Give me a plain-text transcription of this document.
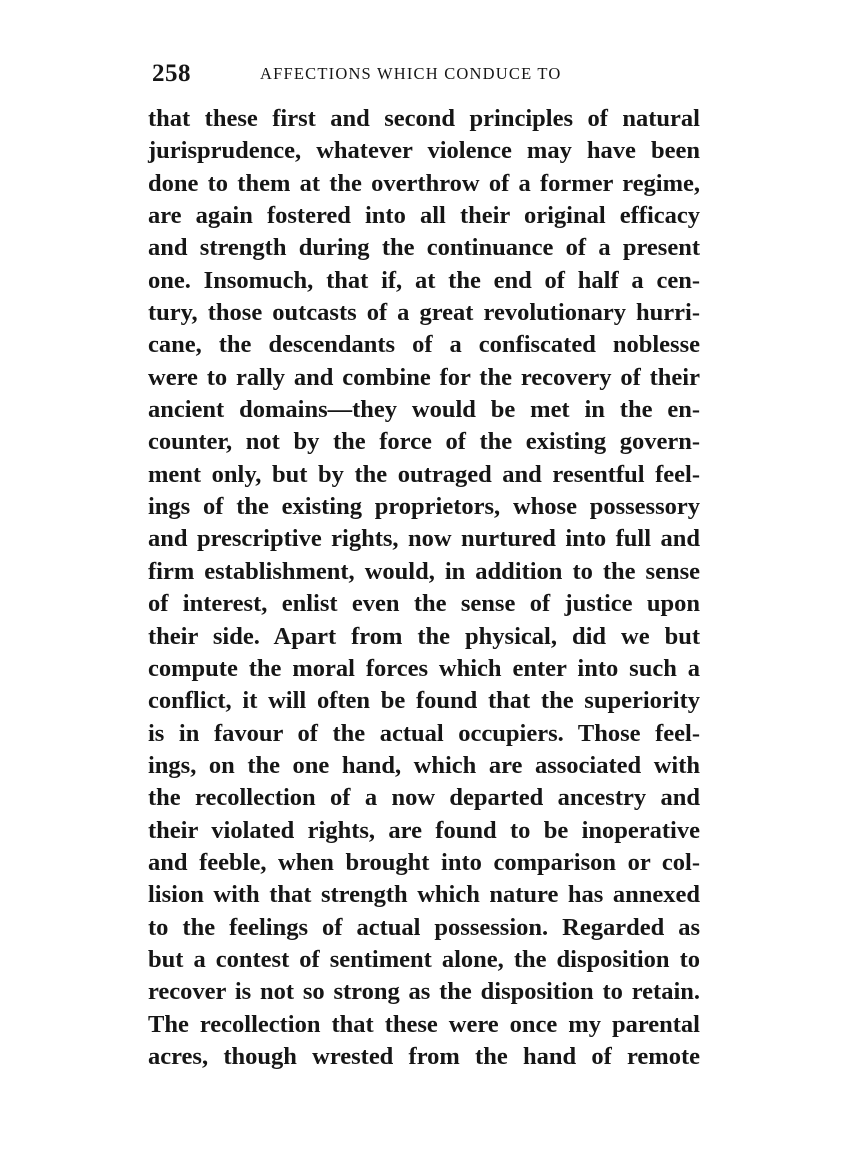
258	AFFECTIONS WHICH CONDUCE TO
that these first and second principles of natural
jurisprudence, whatever violence may have been
done to them at the overthrow of a former regime,
are again fostered into all their original efficacy
and strength during the continuance of a present
one. Insomuch, that if, at the end of half a cen-
tury, those outcasts of a great revolutionary hurri-
cane, the descendants of a confiscated noblesse
were to rally and combine for the recovery of their
ancient domains—they would be met in the en-
counter, not by the force of the existing govern-
ment only, but by the outraged and resentful feel-
ings of the existing proprietors, whose possessory
and prescriptive rights, now nurtured into full and
firm establishment, would, in addition to the sense
of interest, enlist even the sense of justice upon
their side. Apart from the physical, did we but
compute the moral forces which enter into such a
conflict, it will often be found that the superiority
is in favour of the actual occupiers. Those feel-
ings, on the one hand, which are associated with
the recollection of a now departed ancestry and
their violated rights, are found to be inoperative
and feeble, when brought into comparison or col-
lision with that strength which nature has annexed
to the feelings of actual possession. Regarded as
but a contest of sentiment alone, the disposition to
recover is not so strong as the disposition to retain.
The recollection that these were once my parental
acres, though wrested from the hand of remote
